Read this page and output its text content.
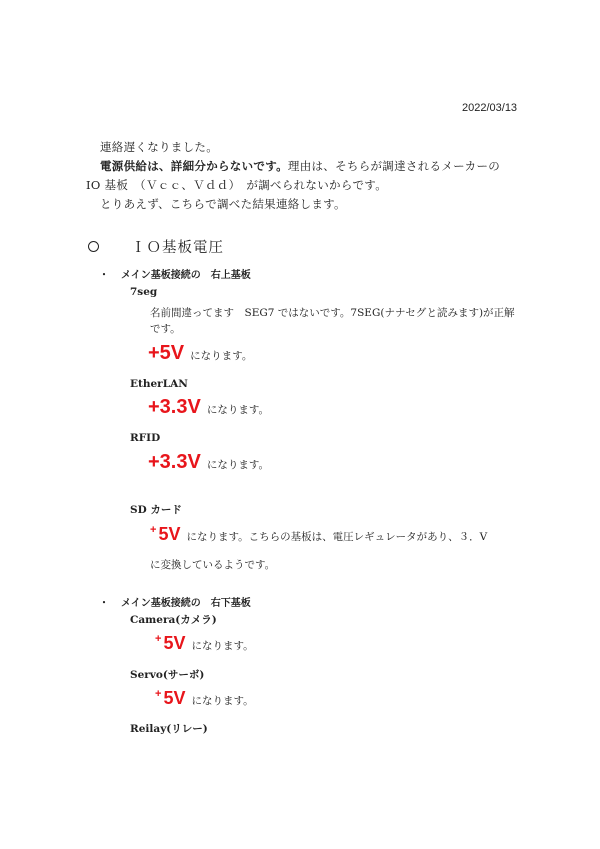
2022/03/13
連絡遅くなりました。
電源供給は、詳細分からないです。理由は、そちらが調達されるメーカーの
IO 基板　（Ｖｃｃ、Ｖｄｄ）　が調べられないからです。
とりあえず、こちらで調べた結果連絡します。
ＩＯ基板電圧
・ メイン基板接続の　右上基板
7seg
名前間違ってます　SEG7 ではないです。7SEG(ナナセグと読みます)が正解
です。
+5V になります。
EtherLAN
+3.3V になります。
RFID
+3.3V になります。
SD カード
+ 5V になります。こちらの基板は、電圧レギュレータがあり、３．V
に変換しているようです。
・ メイン基板接続の　右下基板
Camera(カメラ)
+ 5V になります。
Servo(サーボ)
+ 5V になります。
Reilay(リレー)
